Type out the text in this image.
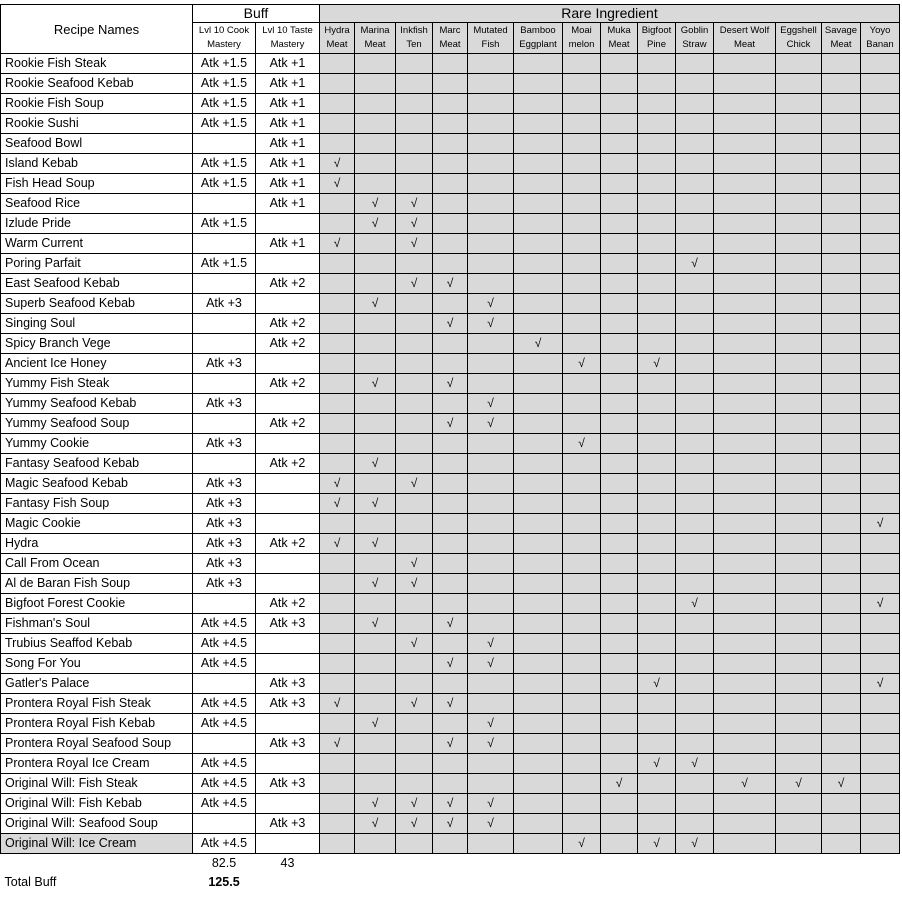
Recipe Names	Buff		Rare Ingredient													
	Lvl 10 Cook Mastery	Lvl 10 Taste Mastery	Hydra Meat	Marina Meat	Inkfish Ten	Marc Meat	Mutated Fish	Bamboo Eggplant	Moai melon	Muka Meat	Bigfoot Pine	Goblin Straw	Desert Wolf Meat	Eggshell Chick	Savage Meat	Yoyo Banan
Rookie Fish Steak	Atk +1.5	Atk +1														
Rookie Seafood Kebab	Atk +1.5	Atk +1														
Rookie Fish Soup	Atk +1.5	Atk +1														
Rookie Sushi	Atk +1.5	Atk +1														
Seafood Bowl		Atk +1														
Island Kebab	Atk +1.5	Atk +1	√													
Fish Head Soup	Atk +1.5	Atk +1	√													
Seafood Rice		Atk +1		√	√											
Izlude Pride	Atk +1.5			√	√											
Warm Current		Atk +1	√		√											
Poring Parfait	Atk +1.5											√				
East Seafood Kebab		Atk +2			√	√										
Superb Seafood Kebab	Atk +3			√			√									
Singing Soul		Atk +2				√	√									
Spicy Branch Vege		Atk +2						√								
Ancient Ice Honey	Atk +3								√		√					
Yummy Fish Steak		Atk +2		√		√										
Yummy Seafood Kebab	Atk +3						√									
Yummy Seafood Soup		Atk +2				√	√									
Yummy Cookie	Atk +3								√							
Fantasy Seafood Kebab		Atk +2		√												
Magic Seafood Kebab	Atk +3		√		√											
Fantasy Fish Soup	Atk +3		√	√												
Magic Cookie	Atk +3															√
Hydra	Atk +3	Atk +2	√	√												
Call From Ocean	Atk +3				√											
Al de Baran Fish Soup	Atk +3			√	√											
Bigfoot Forest Cookie		Atk +2										√				√
Fishman's Soul	Atk +4.5	Atk +3		√		√										
Trubius Seaffod Kebab	Atk +4.5				√		√									
Song For You	Atk +4.5					√	√									
Gatler's Palace		Atk +3									√					√
Prontera Royal Fish Steak	Atk +4.5	Atk +3	√		√	√										
Prontera Royal Fish Kebab	Atk +4.5			√			√									
Prontera Royal Seafood Soup		Atk +3	√			√	√									
Prontera Royal Ice Cream	Atk +4.5										√	√				
Original Will: Fish Steak	Atk +4.5	Atk +3								√			√	√	√	
Original Will: Fish Kebab	Atk +4.5			√	√	√	√									
Original Will: Seafood Soup		Atk +3		√	√	√	√									
Original Will: Ice Cream	Atk +4.5								√		√	√				
	82.5	43														
Total Buff	125.5															
